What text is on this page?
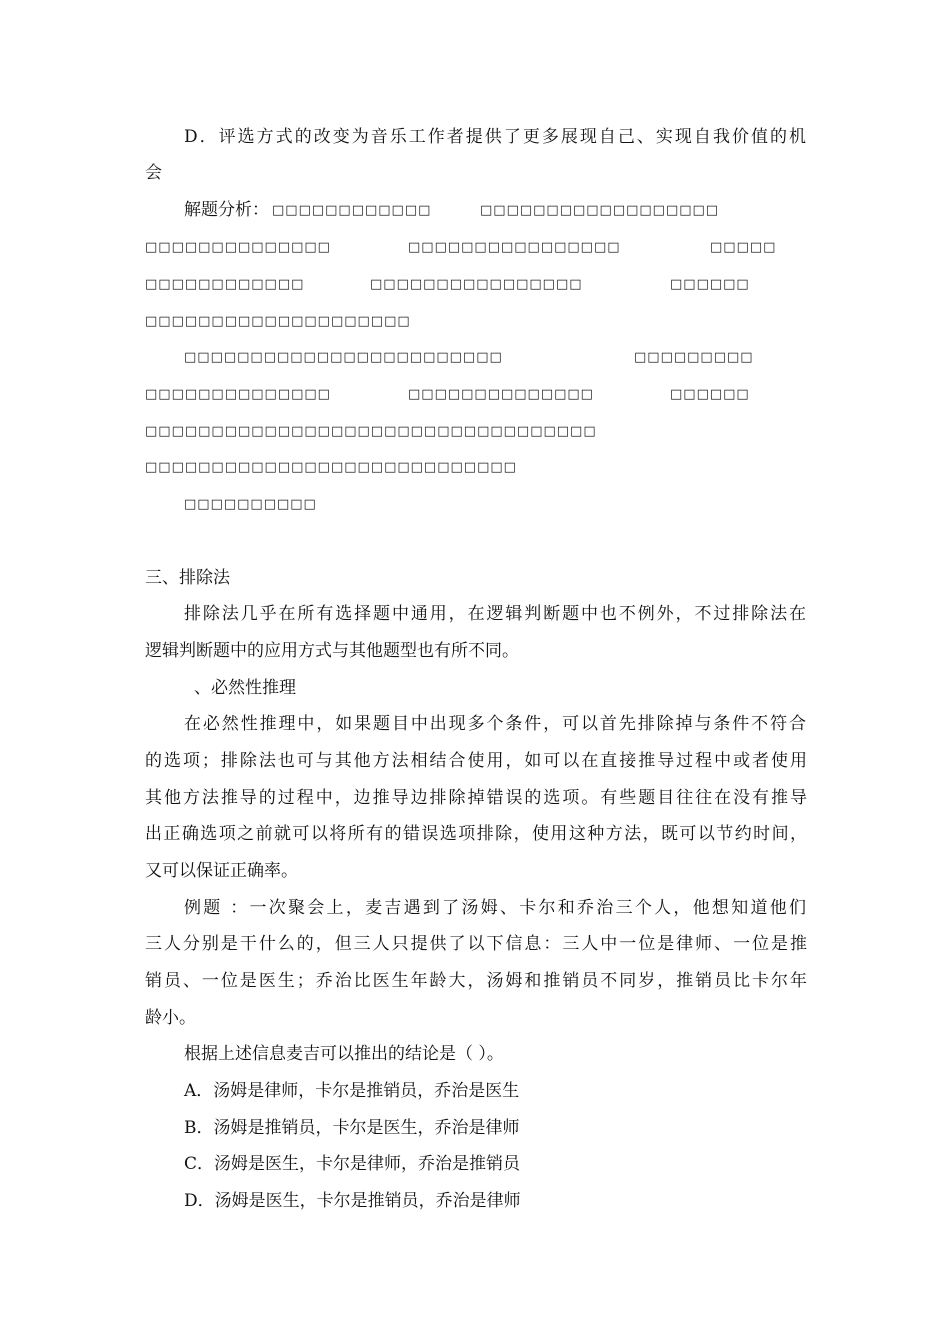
D．评选方式的改变为音乐工作者提供了更多展现自己、实现自我价值的机
会
解题分析： □□□□□□□□□□□□	□□□□□□□□□□□□□□□□□□
□□□□□□□□□□□□□□	□□□□□□□□□□□□□□□□	□□□□□
□□□□□□□□□□□□	□□□□□□□□□□□□□□□□	□□□□□□
□□□□□□□□□□□□□□□□□□□□
□□□□□□□□□□□□□□□□□□□□□□□□	□□□□□□□□□
□□□□□□□□□□□□□□	□□□□□□□□□□□□□□	□□□□□□
□□□□□□□□□□□□□□□□□□□□□□□□□□□□□□□□□□
□□□□□□□□□□□□□□□□□□□□□□□□□□□□
□□□□□□□□□□
三、排除法
排除法几乎在所有选择题中通用，在逻辑判断题中也不例外，不过排除法在
逻辑判断题中的应用方式与其他题型也有所不同。
、必然性推理
在必然性推理中，如果题目中出现多个条件，可以首先排除掉与条件不符合
的选项；排除法也可与其他方法相结合使用，如可以在直接推导过程中或者使用
其他方法推导的过程中，边推导边排除掉错误的选项。有些题目往往在没有推导
出正确选项之前就可以将所有的错误选项排除，使用这种方法，既可以节约时间，
又可以保证正确率。
例题 ：一次聚会上，麦吉遇到了汤姆、卡尔和乔治三个人，他想知道他们
三人分别是干什么的，但三人只提供了以下信息：三人中一位是律师、一位是推
销员、一位是医生；乔治比医生年龄大，汤姆和推销员不同岁，推销员比卡尔年
龄小。
根据上述信息麦吉可以推出的结论是（ ）。
A．汤姆是律师，卡尔是推销员，乔治是医生
B．汤姆是推销员，卡尔是医生，乔治是律师
C．汤姆是医生，卡尔是律师，乔治是推销员
D．汤姆是医生，卡尔是推销员，乔治是律师
